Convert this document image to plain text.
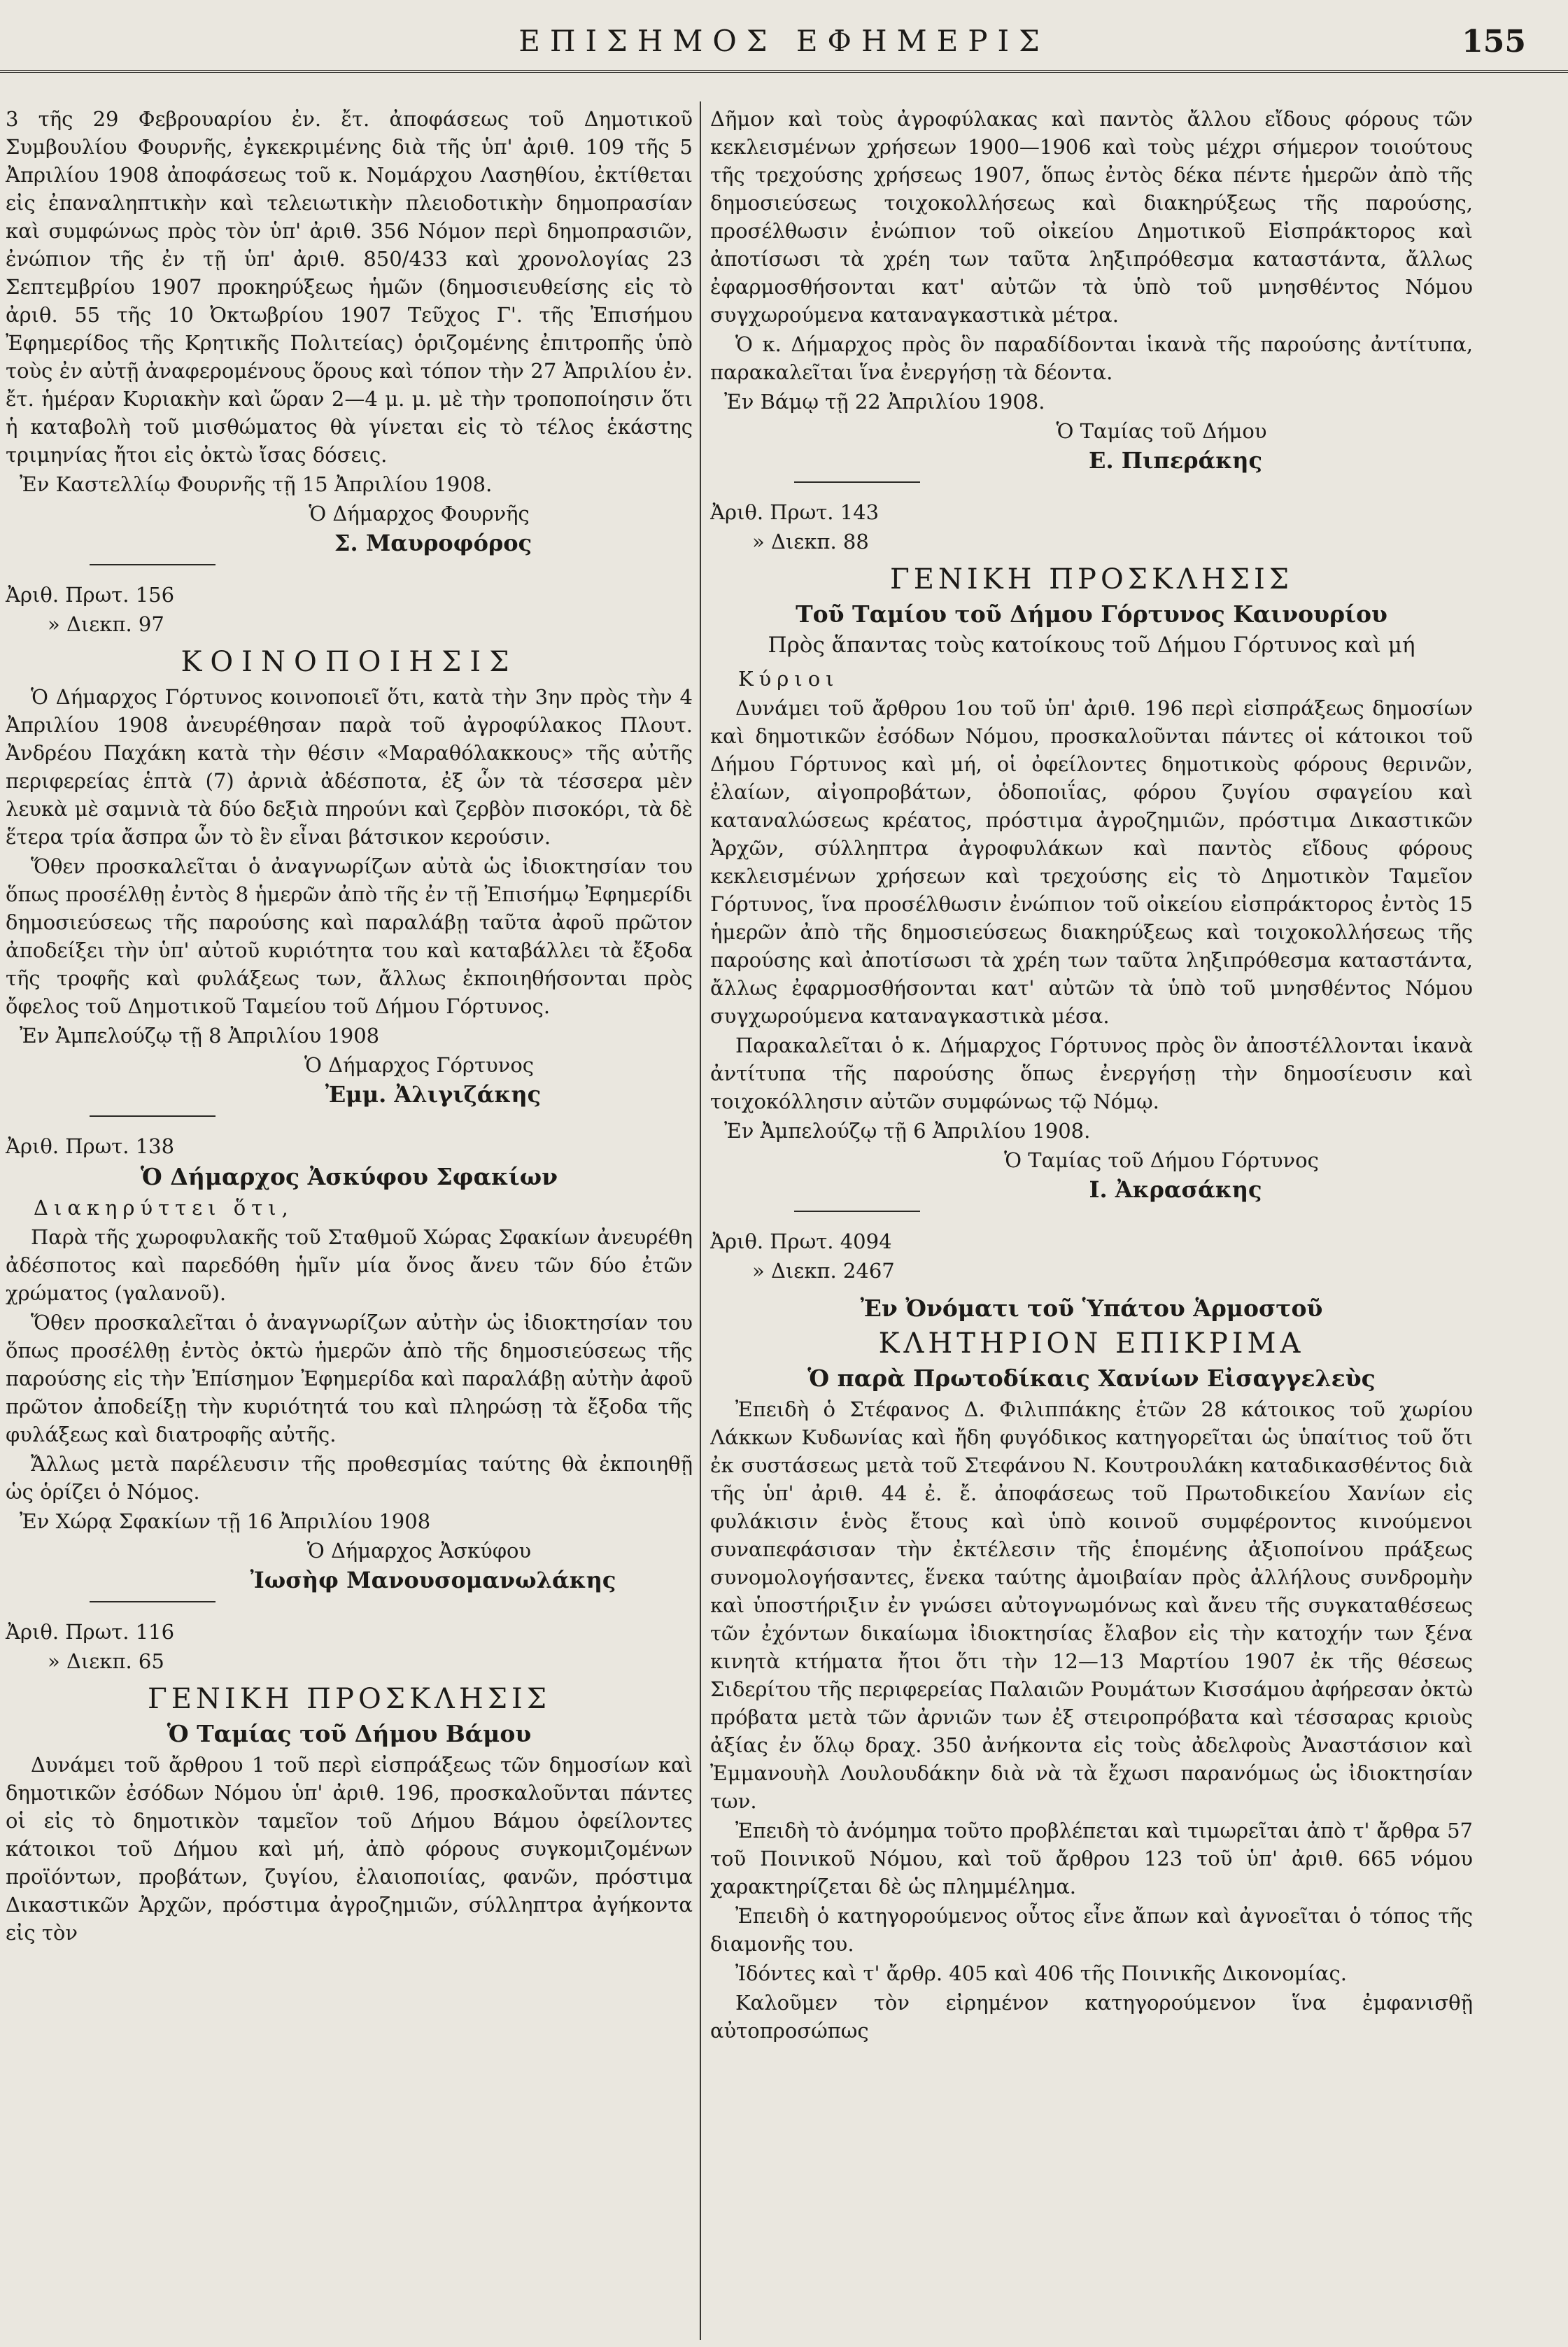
ΕΠΙΣΗΜΟΣ ΕΦΗΜΕΡΙΣ	155

3 τῆς 29 Φεβρουαρίου ἐν. ἔτ. ἀποφάσεως τοῦ Δημοτικοῦ Συμβουλίου Φουρνῆς, ἐγκεκριμένης διὰ τῆς ὑπ' ἀριθ. 109 τῆς 5 Ἀπριλίου 1908 ἀποφάσεως τοῦ κ. Νομάρχου Λασηθίου, ἐκτίθεται εἰς ἐπαναληπτικὴν καὶ τελειωτικὴν πλειοδοτικὴν δημοπρασίαν καὶ συμφώνως πρὸς τὸν ὑπ' ἀριθ. 356 Νόμον περὶ δημοπρασιῶν, ἐνώπιον τῆς ἐν τῇ ὑπ' ἀριθ. 850/433 καὶ χρονολογίας 23 Σεπτεμβρίου 1907 προκηρύξεως ἡμῶν (δημοσιευθείσης εἰς τὸ ἀριθ. 55 τῆς 10 Ὀκτωβρίου 1907 Τεῦχος Γ'. τῆς Ἐπισήμου Ἐφημερίδος τῆς Κρητικῆς Πολιτείας) ὁριζομένης ἐπιτροπῆς ὑπὸ τοὺς ἐν αὐτῇ ἀναφερομένους ὅρους καὶ τόπον τὴν 27 Ἀπριλίου ἐν. ἔτ. ἡμέραν Κυριακὴν καὶ ὥραν 2—4 μ. μ. μὲ τὴν τροποποίησιν ὅτι ἡ καταβολὴ τοῦ μισθώματος θὰ γίνεται εἰς τὸ τέλος ἑκάστης τριμηνίας ἤτοι εἰς ὀκτὼ ἴσας δόσεις.

Ἐν Καστελλίῳ Φουρνῆς τῇ 15 Ἀπριλίου 1908.

Ὁ Δήμαρχος Φουρνῆς

Σ. Μαυροφόρος

Ἀριθ. Πρωτ. 156

» Διεκπ. 97

ΚΟΙΝΟΠΟΙΗΣΙΣ

Ὁ Δήμαρχος Γόρτυνος κοινοποιεῖ ὅτι, κατὰ τὴν 3ην πρὸς τὴν 4 Ἀπριλίου 1908 ἀνευρέθησαν παρὰ τοῦ ἀγροφύλακος Πλουτ. Ἀνδρέου Παχάκη κατὰ τὴν θέσιν «Μαραθόλακκους» τῆς αὐτῆς περιφερείας ἑπτὰ (7) ἀρνιὰ ἀδέσποτα, ἐξ ὧν τὰ τέσσερα μὲν λευκὰ μὲ σαμνιὰ τὰ δύο δεξιὰ πηρούνι καὶ ζερβὸν πισοκόρι, τὰ δὲ ἕτερα τρία ἄσπρα ὧν τὸ ἓν εἶναι βάτσικον κερούσιν.

Ὅθεν προσκαλεῖται ὁ ἀναγνωρίζων αὐτὰ ὡς ἰδιοκτησίαν του ὅπως προσέλθῃ ἐντὸς 8 ἡμερῶν ἀπὸ τῆς ἐν τῇ Ἐπισήμῳ Ἐφημερίδι δημοσιεύσεως τῆς παρούσης καὶ παραλάβῃ ταῦτα ἀφοῦ πρῶτον ἀποδείξει τὴν ὑπ' αὐτοῦ κυριότητα του καὶ καταβάλλει τὰ ἔξοδα τῆς τροφῆς καὶ φυλάξεως των, ἄλλως ἐκποιηθήσονται πρὸς ὄφελος τοῦ Δημοτικοῦ Ταμείου τοῦ Δήμου Γόρτυνος.

Ἐν Ἀμπελούζῳ τῇ 8 Ἀπριλίου 1908

Ὁ Δήμαρχος Γόρτυνος

Ἐμμ. Ἀλιγιζάκης

Ἀριθ. Πρωτ. 138

Ὁ Δήμαρχος Ἀσκύφου Σφακίων

Διακηρύττει ὅτι,

Παρὰ τῆς χωροφυλακῆς τοῦ Σταθμοῦ Χώρας Σφακίων ἀνευρέθη ἀδέσποτος καὶ παρεδόθη ἡμῖν μία ὄνος ἄνευ τῶν δύο ἐτῶν χρώματος (γαλανοῦ).

Ὅθεν προσκαλεῖται ὁ ἀναγνωρίζων αὐτὴν ὡς ἰδιοκτησίαν του ὅπως προσέλθῃ ἐντὸς ὀκτὼ ἡμερῶν ἀπὸ τῆς δημοσιεύσεως τῆς παρούσης εἰς τὴν Ἐπίσημον Ἐφημερίδα καὶ παραλάβῃ αὐτὴν ἀφοῦ πρῶτον ἀποδείξῃ τὴν κυριότητά του καὶ πληρώσῃ τὰ ἔξοδα τῆς φυλάξεως καὶ διατροφῆς αὐτῆς.

Ἄλλως μετὰ παρέλευσιν τῆς προθεσμίας ταύτης θὰ ἐκποιηθῇ ὡς ὁρίζει ὁ Νόμος.

Ἐν Χώρᾳ Σφακίων τῇ 16 Ἀπριλίου 1908

Ὁ Δήμαρχος Ἀσκύφου

Ἰωσὴφ Μανουσομανωλάκης

Ἀριθ. Πρωτ. 116

» Διεκπ. 65

ΓΕΝΙΚΗ ΠΡΟΣΚΛΗΣΙΣ

Ὁ Ταμίας τοῦ Δήμου Βάμου

Δυνάμει τοῦ ἄρθρου 1 τοῦ περὶ εἰσπράξεως τῶν δημοσίων καὶ δημοτικῶν ἐσόδων Νόμου ὑπ' ἀριθ. 196, προσκαλοῦνται πάντες οἱ εἰς τὸ δημοτικὸν ταμεῖον τοῦ Δήμου Βάμου ὀφείλοντες κάτοικοι τοῦ Δήμου καὶ μή, ἀπὸ φόρους συγκομιζομένων προϊόντων, προβάτων, ζυγίου, ἐλαιοποιίας, φανῶν, πρόστιμα Δικαστικῶν Ἀρχῶν, πρόστιμα ἀγροζημιῶν, σύλληπτρα ἀγήκοντα εἰς τὸν

Δῆμον καὶ τοὺς ἀγροφύλακας καὶ παντὸς ἄλλου εἴδους φόρους τῶν κεκλεισμένων χρήσεων 1900—1906 καὶ τοὺς μέχρι σήμερον τοιούτους τῆς τρεχούσης χρήσεως 1907, ὅπως ἐντὸς δέκα πέντε ἡμερῶν ἀπὸ τῆς δημοσιεύσεως τοιχοκολλήσεως καὶ διακηρύξεως τῆς παρούσης, προσέλθωσιν ἐνώπιον τοῦ οἰκείου Δημοτικοῦ Εἰσπράκτορος καὶ ἀποτίσωσι τὰ χρέη των ταῦτα ληξιπρόθεσμα καταστάντα, ἄλλως ἐφαρμοσθήσονται κατ' αὐτῶν τὰ ὑπὸ τοῦ μνησθέντος Νόμου συγχωρούμενα καταναγκαστικὰ μέτρα.

Ὁ κ. Δήμαρχος πρὸς ὃν παραδίδονται ἱκανὰ τῆς παρούσης ἀντίτυπα, παρακαλεῖται ἵνα ἐνεργήσῃ τὰ δέοντα.

Ἐν Βάμῳ τῇ 22 Ἀπριλίου 1908.

Ὁ Ταμίας τοῦ Δήμου

Ε. Πιπεράκης

Ἀριθ. Πρωτ. 143

» Διεκπ. 88

ΓΕΝΙΚΗ ΠΡΟΣΚΛΗΣΙΣ

Τοῦ Ταμίου τοῦ Δήμου Γόρτυνος Καινουρίου

Πρὸς ἅπαντας τοὺς κατοίκους τοῦ Δήμου Γόρτυνος καὶ μή

Κύριοι

Δυνάμει τοῦ ἄρθρου 1ου τοῦ ὑπ' ἀριθ. 196 περὶ εἰσπράξεως δημοσίων καὶ δημοτικῶν ἐσόδων Νόμου, προσκαλοῦνται πάντες οἱ κάτοικοι τοῦ Δήμου Γόρτυνος καὶ μή, οἱ ὀφείλοντες δημοτικοὺς φόρους θερινῶν, ἐλαίων, αἰγοπροβάτων, ὁδοποιΐας, φόρου ζυγίου σφαγείου καὶ καταναλώσεως κρέατος, πρόστιμα ἀγροζημιῶν, πρόστιμα Δικαστικῶν Ἀρχῶν, σύλληπτρα ἀγροφυλάκων καὶ παντὸς εἴδους φόρους κεκλεισμένων χρήσεων καὶ τρεχούσης εἰς τὸ Δημοτικὸν Ταμεῖον Γόρτυνος, ἵνα προσέλθωσιν ἐνώπιον τοῦ οἰκείου εἰσπράκτορος ἐντὸς 15 ἡμερῶν ἀπὸ τῆς δημοσιεύσεως διακηρύξεως καὶ τοιχοκολλήσεως τῆς παρούσης καὶ ἀποτίσωσι τὰ χρέη των ταῦτα ληξιπρόθεσμα καταστάντα, ἄλλως ἐφαρμοσθήσονται κατ' αὐτῶν τὰ ὑπὸ τοῦ μνησθέντος Νόμου συγχωρούμενα καταναγκαστικὰ μέσα.

Παρακαλεῖται ὁ κ. Δήμαρχος Γόρτυνος πρὸς ὃν ἀποστέλλονται ἱκανὰ ἀντίτυπα τῆς παρούσης ὅπως ἐνεργήσῃ τὴν δημοσίευσιν καὶ τοιχοκόλλησιν αὐτῶν συμφώνως τῷ Νόμῳ.

Ἐν Ἀμπελούζῳ τῇ 6 Ἀπριλίου 1908.

Ὁ Ταμίας τοῦ Δήμου Γόρτυνος

Ι. Ἀκρασάκης

Ἀριθ. Πρωτ. 4094

» Διεκπ. 2467

Ἐν Ὀνόματι τοῦ Ὑπάτου Ἁρμοστοῦ

ΚΛΗΤΗΡΙΟΝ ΕΠΙΚΡΙΜΑ

Ὁ παρὰ Πρωτοδίκαις Χανίων Εἰσαγγελεὺς

Ἐπειδὴ ὁ Στέφανος Δ. Φιλιππάκης ἐτῶν 28 κάτοικος τοῦ χωρίου Λάκκων Κυδωνίας καὶ ἤδη φυγόδικος κατηγορεῖται ὡς ὑπαίτιος τοῦ ὅτι ἐκ συστάσεως μετὰ τοῦ Στεφάνου Ν. Κουτρουλάκη καταδικασθέντος διὰ τῆς ὑπ' ἀριθ. 44 ἐ. ἔ. ἀποφάσεως τοῦ Πρωτοδικείου Χανίων εἰς φυλάκισιν ἑνὸς ἔτους καὶ ὑπὸ κοινοῦ συμφέροντος κινούμενοι συναπεφάσισαν τὴν ἐκτέλεσιν τῆς ἑπομένης ἀξιοποίνου πράξεως συνομολογήσαντες, ἕνεκα ταύτης ἀμοιβαίαν πρὸς ἀλλήλους συνδρομὴν καὶ ὑποστήριξιν ἐν γνώσει αὐτογνωμόνως καὶ ἄνευ τῆς συγκαταθέσεως τῶν ἐχόντων δικαίωμα ἰδιοκτησίας ἔλαβον εἰς τὴν κατοχήν των ξένα κινητὰ κτήματα ἤτοι ὅτι τὴν 12—13 Μαρτίου 1907 ἐκ τῆς θέσεως Σιδερίτου τῆς περιφερείας Παλαιῶν Ρουμάτων Κισσάμου ἀφήρεσαν ὀκτὼ πρόβατα μετὰ τῶν ἀρνιῶν των ἐξ στειροπρόβατα καὶ τέσσαρας κριοὺς ἀξίας ἐν ὅλῳ δραχ. 350 ἀνήκοντα εἰς τοὺς ἀδελφοὺς Ἀναστάσιον καὶ Ἐμμανουὴλ Λουλουδάκην διὰ νὰ τὰ ἔχωσι παρανόμως ὡς ἰδιοκτησίαν των.

Ἐπειδὴ τὸ ἀνόμημα τοῦτο προβλέπεται καὶ τιμωρεῖται ἀπὸ τ' ἄρθρα 57 τοῦ Ποινικοῦ Νόμου, καὶ τοῦ ἄρθρου 123 τοῦ ὑπ' ἀριθ. 665 νόμου χαρακτηρίζεται δὲ ὡς πλημμέλημα.

Ἐπειδὴ ὁ κατηγορούμενος οὗτος εἶνε ἄπων καὶ ἀγνοεῖται ὁ τόπος τῆς διαμονῆς του.

Ἰδόντες καὶ τ' ἄρθρ. 405 καὶ 406 τῆς Ποινικῆς Δικονομίας.

Καλοῦμεν τὸν εἰρημένον κατηγορούμενον ἵνα ἐμφανισθῇ αὐτοπροσώπως
